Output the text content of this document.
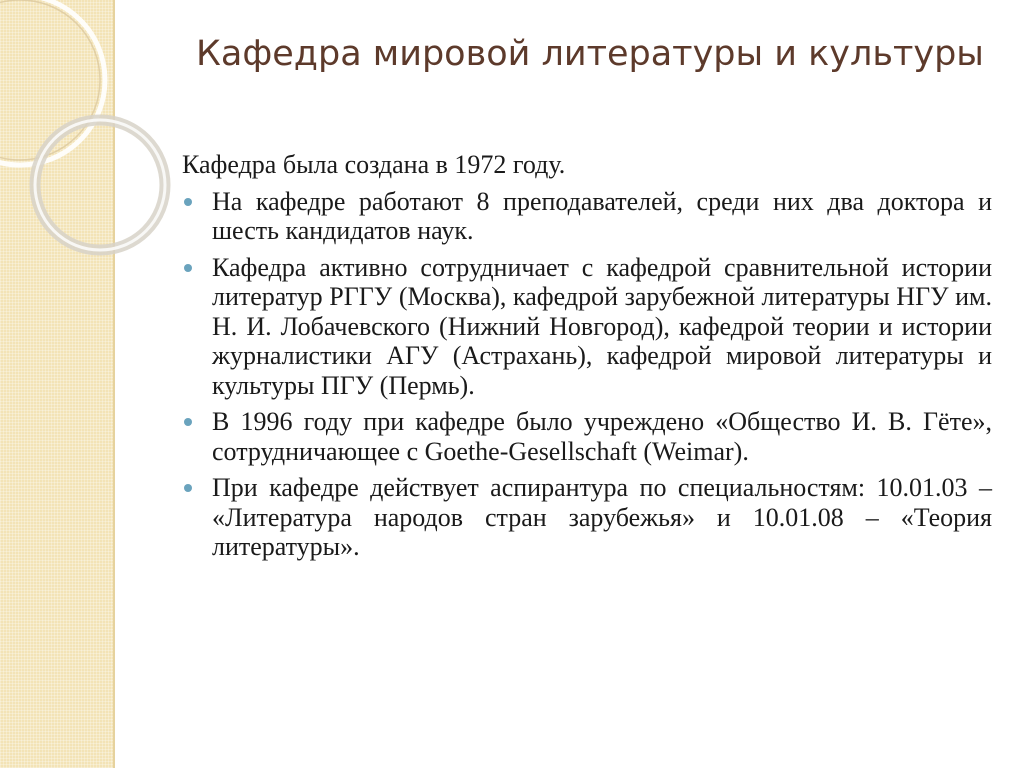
Кафедра мировой литературы и культуры

Кафедра была создана в 1972 году.

На кафедре работают 8 преподавателей, среди них два доктора и шесть кандидатов наук.
Кафедра активно сотрудничает с кафедрой сравнительной истории литератур РГГУ (Москва), кафедрой зарубежной литературы НГУ им. Н. И. Лобачевского (Нижний Новгород), кафедрой теории и истории журналистики АГУ (Астрахань), кафедрой мировой литературы и культуры ПГУ (Пермь).
В 1996 году при кафедре было учреждено «Общество И. В. Гёте», сотрудничающее с Goethe-Gesellschaft (Weimar).
При кафедре действует аспирантура по специальностям: 10.01.03 – «Литература народов стран зарубежья» и 10.01.08 – «Теория литературы».
